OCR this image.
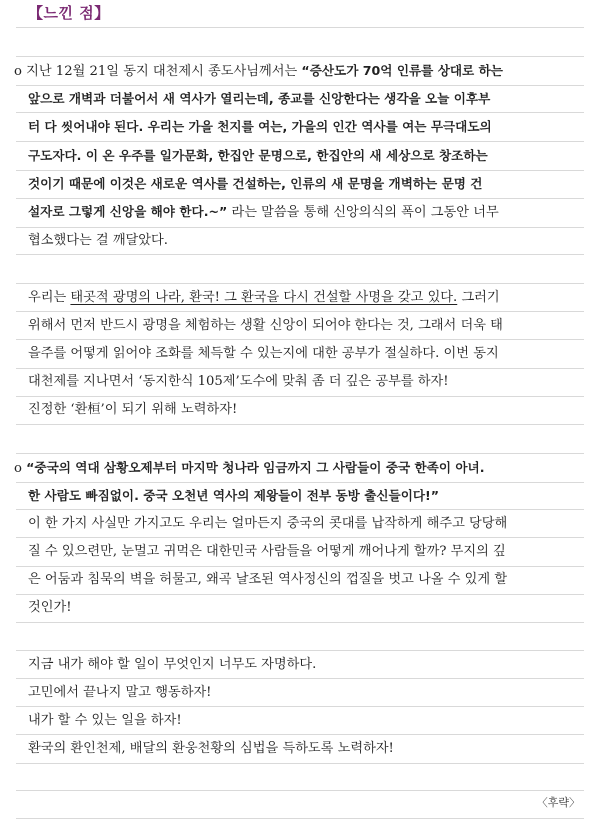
【느낀 점】
o 지난 12월 21일 동지 대천제시 종도사님께서는 “증산도가 70억 인류를 상대로 하는
앞으로 개벽과 더불어서 새 역사가 열리는데, 종교를 신앙한다는 생각을 오늘 이후부
터 다 씻어내야 된다. 우리는 가을 천지를 여는, 가을의 인간 역사를 여는 무극대도의
구도자다. 이 온 우주를 일가문화, 한집안 문명으로, 한집안의 새 세상으로 창조하는
것이기 때문에 이것은 새로운 역사를 건설하는, 인류의 새 문명을 개벽하는 문명 건
설자로 그렇게 신앙을 해야 한다.~” 라는 말씀을 통해 신앙의식의 폭이 그동안 너무
협소했다는 걸 깨달았다.
우리는 태곳적 광명의 나라, 환국! 그 환국을 다시 건설할 사명을 갖고 있다. 그러기
위해서 먼저 반드시 광명을 체험하는 생활 신앙이 되어야 한다는 것, 그래서 더욱 태
을주를 어떻게 읽어야 조화를 체득할 수 있는지에 대한 공부가 절실하다. 이번 동지
대천제를 지나면서 ‘동지한식 105제’도수에 맞춰 좀 더 깊은 공부를 하자!
진정한 ‘환桓’이 되기 위해 노력하자!
o “중국의 역대 삼황오제부터 마지막 청나라 임금까지 그 사람들이 중국 한족이 아녀.
한 사람도 빠짐없이. 중국 오천년 역사의 제왕들이 전부 동방 출신들이다!”
이 한 가지 사실만 가지고도 우리는 얼마든지 중국의 콧대를 납작하게 해주고 당당해
질 수 있으련만, 눈멀고 귀먹은 대한민국 사람들을 어떻게 깨어나게 할까? 무지의 깊
은 어둠과 침묵의 벽을 허물고, 왜곡 날조된 역사정신의 껍질을 벗고 나올 수 있게 할
것인가!
지금 내가 해야 할 일이 무엇인지 너무도 자명하다.
고민에서 끝나지 말고 행동하자!
내가 할 수 있는 일을 하자!
환국의 환인천제, 배달의 환웅천황의 심법을 득하도록 노력하자!
〈후략〉
